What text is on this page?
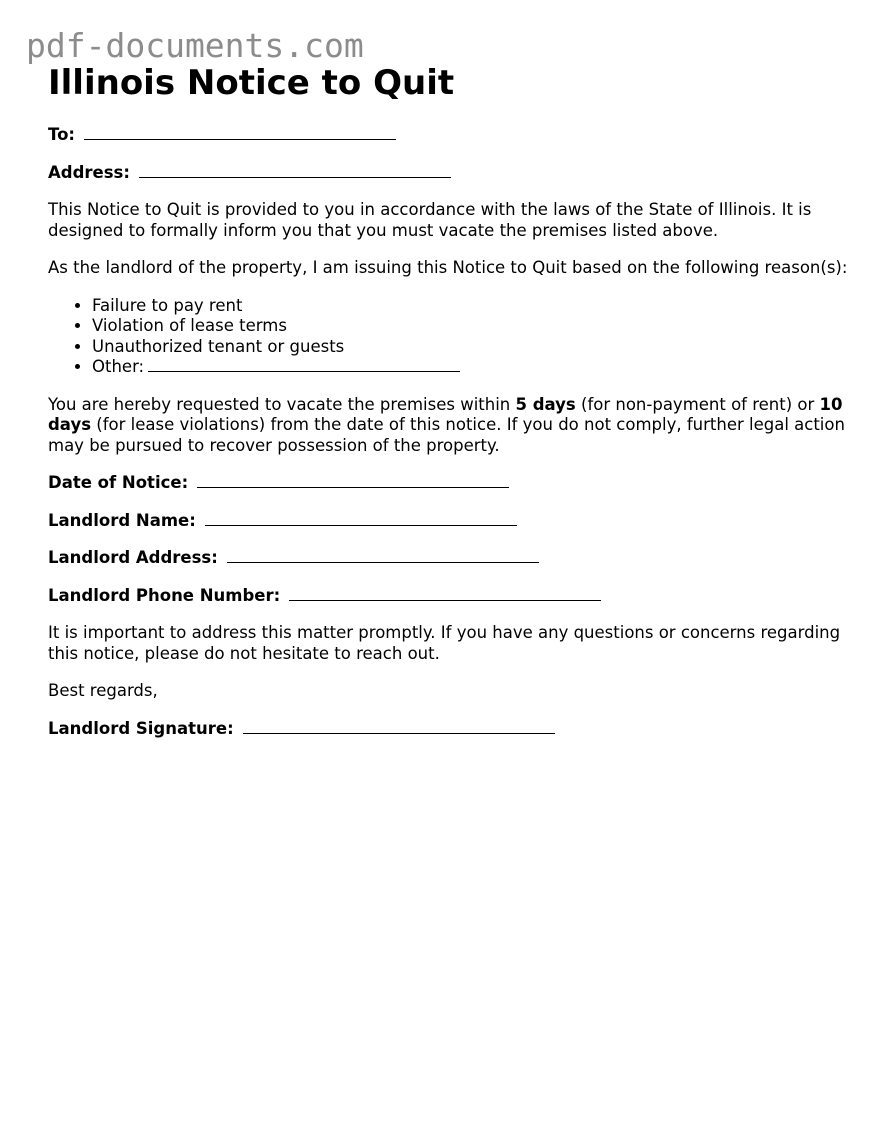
pdf-documents.com
Illinois Notice to Quit

To:

Address:

This Notice to Quit is provided to you in accordance with the laws of the State of Illinois. It is designed to formally inform you that you must vacate the premises listed above.

As the landlord of the property, I am issuing this Notice to Quit based on the following reason(s):

• Failure to pay rent
• Violation of lease terms
• Unauthorized tenant or guests
• Other:

You are hereby requested to vacate the premises within 5 days (for non-payment of rent) or 10 days (for lease violations) from the date of this notice. If you do not comply, further legal action may be pursued to recover possession of the property.

Date of Notice:

Landlord Name:

Landlord Address:

Landlord Phone Number:

It is important to address this matter promptly. If you have any questions or concerns regarding this notice, please do not hesitate to reach out.

Best regards,

Landlord Signature:
